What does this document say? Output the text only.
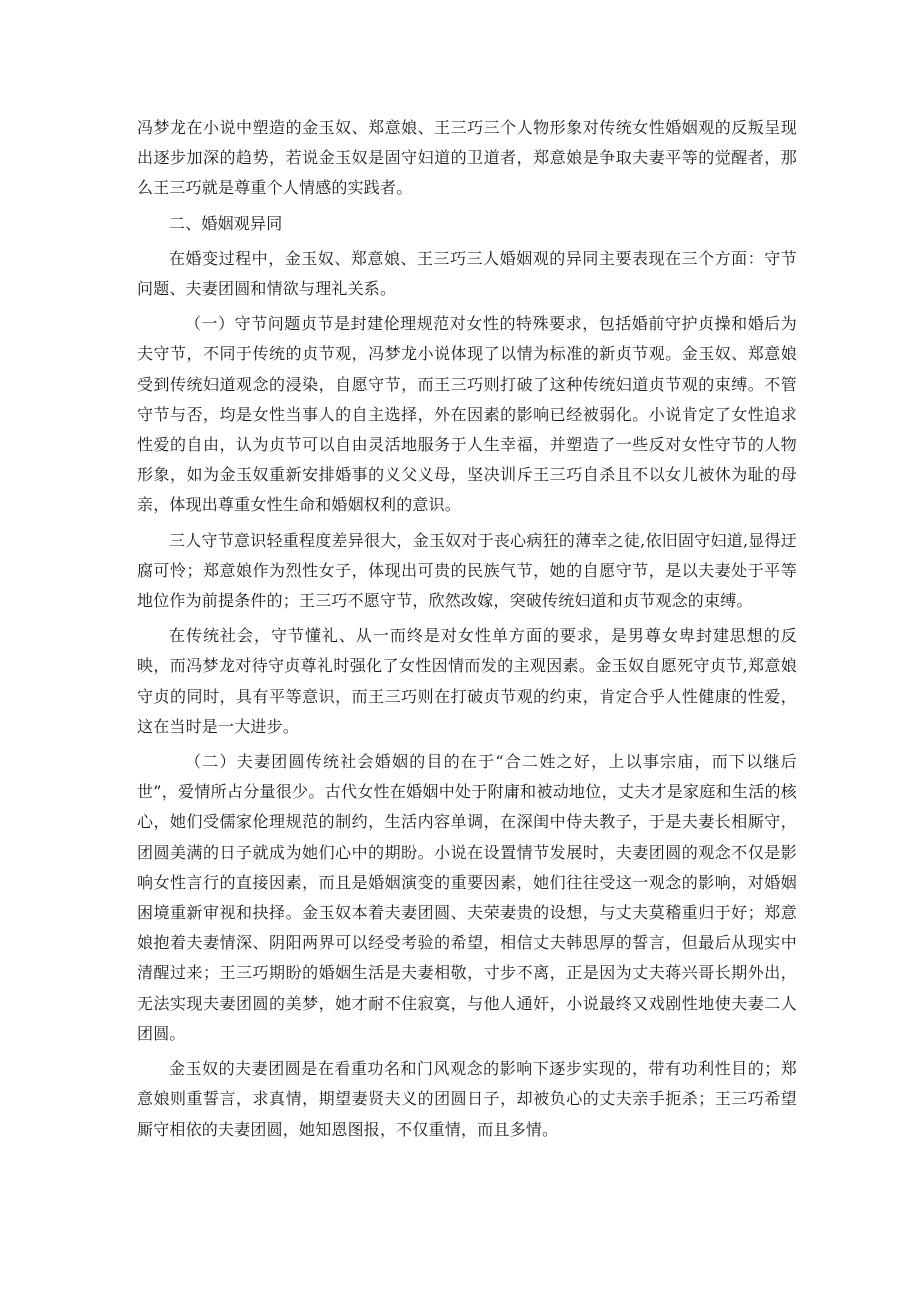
冯梦龙在小说中塑造的金玉奴、郑意娘、王三巧三个人物形象对传统女性婚姻观的反叛呈现出逐步加深的趋势，若说金玉奴是固守妇道的卫道者，郑意娘是争取夫妻平等的觉醒者，那么王三巧就是尊重个人情感的实践者。

二、婚姻观异同

在婚变过程中，金玉奴、郑意娘、王三巧三人婚姻观的异同主要表现在三个方面：守节问题、夫妻团圆和情欲与理礼关系。

（一）守节问题贞节是封建伦理规范对女性的特殊要求，包括婚前守护贞操和婚后为夫守节，不同于传统的贞节观，冯梦龙小说体现了以情为标准的新贞节观。金玉奴、郑意娘受到传统妇道观念的浸染，自愿守节，而王三巧则打破了这种传统妇道贞节观的束缚。不管守节与否，均是女性当事人的自主选择，外在因素的影响已经被弱化。小说肯定了女性追求性爱的自由，认为贞节可以自由灵活地服务于人生幸福，并塑造了一些反对女性守节的人物形象，如为金玉奴重新安排婚事的义父义母，坚决训斥王三巧自杀且不以女儿被休为耻的母亲，体现出尊重女性生命和婚姻权利的意识。

三人守节意识轻重程度差异很大，金玉奴对于丧心病狂的薄幸之徒,依旧固守妇道,显得迂腐可怜；郑意娘作为烈性女子，体现出可贵的民族气节，她的自愿守节，是以夫妻处于平等地位作为前提条件的；王三巧不愿守节，欣然改嫁，突破传统妇道和贞节观念的束缚。

在传统社会，守节懂礼、从一而终是对女性单方面的要求，是男尊女卑封建思想的反映，而冯梦龙对待守贞尊礼时强化了女性因情而发的主观因素。金玉奴自愿死守贞节,郑意娘守贞的同时，具有平等意识，而王三巧则在打破贞节观的约束，肯定合乎人性健康的性爱，这在当时是一大进步。

（二）夫妻团圆传统社会婚姻的目的在于“合二姓之好，上以事宗庙，而下以继后世”，爱情所占分量很少。古代女性在婚姻中处于附庸和被动地位，丈夫才是家庭和生活的核心，她们受儒家伦理规范的制约，生活内容单调，在深闺中侍夫教子，于是夫妻长相厮守，团圆美满的日子就成为她们心中的期盼。小说在设置情节发展时，夫妻团圆的观念不仅是影响女性言行的直接因素，而且是婚姻演变的重要因素，她们往往受这一观念的影响，对婚姻困境重新审视和抉择。金玉奴本着夫妻团圆、夫荣妻贵的设想，与丈夫莫稽重归于好；郑意娘抱着夫妻情深、阴阳两界可以经受考验的希望，相信丈夫韩思厚的誓言，但最后从现实中清醒过来；王三巧期盼的婚姻生活是夫妻相敬，寸步不离，正是因为丈夫蒋兴哥长期外出，无法实现夫妻团圆的美梦，她才耐不住寂寞，与他人通奸，小说最终又戏剧性地使夫妻二人团圆。

金玉奴的夫妻团圆是在看重功名和门风观念的影响下逐步实现的，带有功利性目的；郑意娘则重誓言，求真情，期望妻贤夫义的团圆日子，却被负心的丈夫亲手扼杀；王三巧希望厮守相依的夫妻团圆，她知恩图报，不仅重情，而且多情。
